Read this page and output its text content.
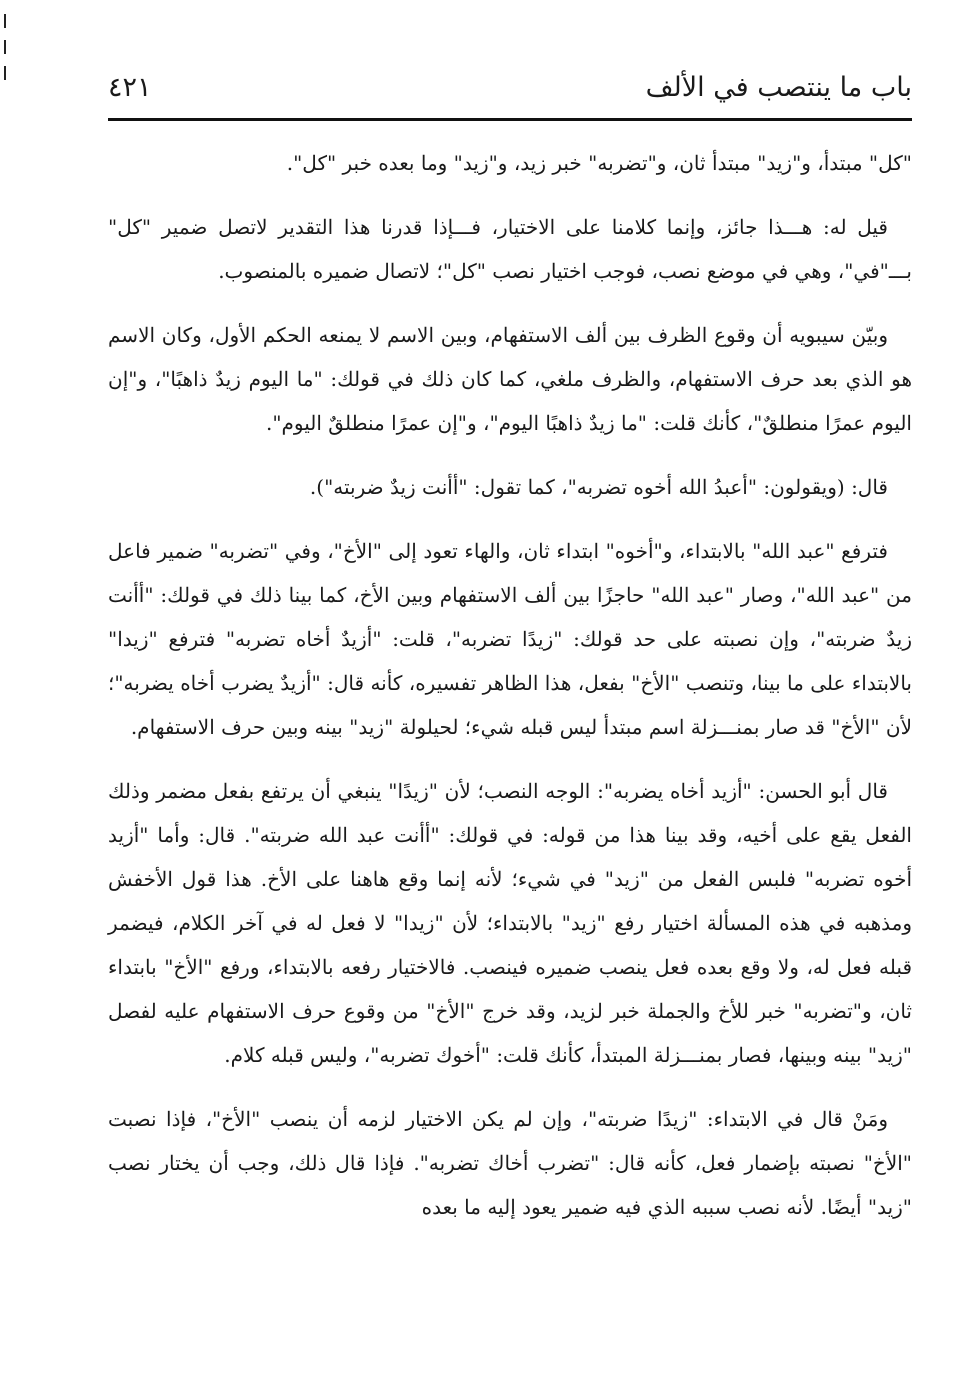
باب ما ينتصب في الألف
٤٢١

"كل" مبتدأ، و"زيد" مبتدأ ثان، و"تضربه" خبر زيد، و"زيد" وما بعده خبر "كل".

قيل له: هـــذا جائز، وإنما كلامنا على الاختيار، فـــإذا قدرنا هذا التقدير لاتصل ضمير "كل" بـــ"في"، وهي في موضع نصب، فوجب اختيار نصب "كل"؛ لاتصال ضميره بالمنصوب.

وبيّن سيبويه أن وقوع الظرف بين ألف الاستفهام، وبين الاسم لا يمنعه الحكم الأول، وكان الاسم هو الذي بعد حرف الاستفهام، والظرف ملغي، كما كان ذلك في قولك: "ما اليوم زيدٌ ذاهبًا"، و"إن اليوم عمرًا منطلقٌ"، كأنك قلت: "ما زيدٌ ذاهبًا اليوم"، و"إن عمرًا منطلقٌ اليوم".

قال: (ويقولون: "أعبدُ الله أخوه تضربه"، كما تقول: "أأنت زيدٌ ضربته").

فترفع "عبد الله" بالابتداء، و"أخوه" ابتداء ثان، والهاء تعود إلى "الأخ"، وفي "تضربه" ضمير فاعل من "عبد الله"، وصار "عبد الله" حاجزًا بين ألف الاستفهام وبين الأخ، كما بينا ذلك في قولك: "أأنت زيدٌ ضربته"، وإن نصبته على حد قولك: "زيدًا تضربه"، قلت: "أزيدٌ أخاه تضربه" فترفع "زيدا" بالابتداء على ما بينا، وتنصب "الأخ" بفعل، هذا الظاهر تفسيره، كأنه قال: "أزيدٌ يضرب أخاه يضربه"؛ لأن "الأخ" قد صار بمنـــزلة اسم مبتدأ ليس قبله شيء؛ لحيلولة "زيد" بينه وبين حرف الاستفهام.

قال أبو الحسن: "أزيد أخاه يضربه": الوجه النصب؛ لأن "زيدًا" ينبغي أن يرتفع بفعل مضمر وذلك الفعل يقع على أخيه، وقد بينا هذا من قوله: في قولك: "أأنت عبد الله ضربته". قال: وأما "أزيد أخوه تضربه" فلبس الفعل من "زيد" في شيء؛ لأنه إنما وقع هاهنا على الأخ. هذا قول الأخفش ومذهبه في هذه المسألة اختيار رفع "زيد" بالابتداء؛ لأن "زيدا" لا فعل له في آخر الكلام، فيضمر قبله فعل له، ولا وقع بعده فعل ينصب ضميره فينصب. فالاختيار رفعه بالابتداء، ورفع "الأخ" بابتداء ثان، و"تضربه" خبر للأخ والجملة خبر لزيد، وقد خرج "الأخ" من وقوع حرف الاستفهام عليه لفصل "زيد" بينه وبينها، فصار بمنـــزلة المبتدأ، كأنك قلت: "أخوك تضربه"، وليس قبله كلام.

ومَنْ قال في الابتداء: "زيدًا ضربته"، وإن لم يكن الاختيار لزمه أن ينصب "الأخ"، فإذا نصبت "الأخ" نصبته بإضمار فعل، كأنه قال: "تضرب أخاك تضربه". فإذا قال ذلك، وجب أن يختار نصب "زيد" أيضًا. لأنه نصب سببه الذي فيه ضمير يعود إليه ما بعده
